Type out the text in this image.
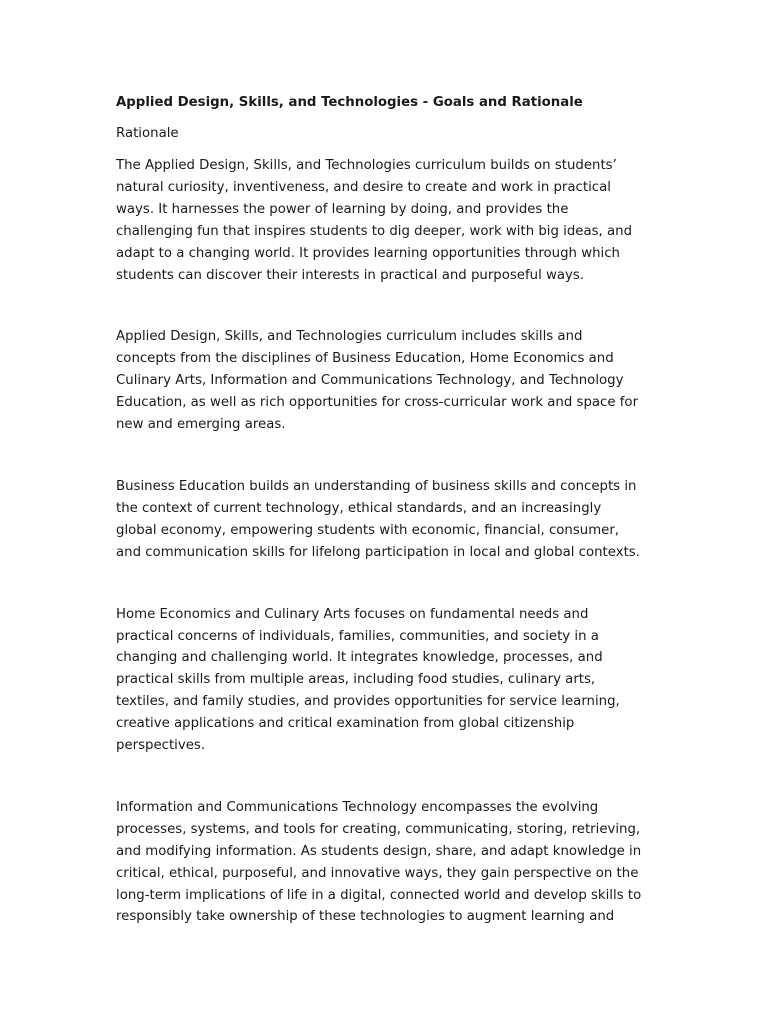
Applied Design, Skills, and Technologies - Goals and Rationale
Rationale

The Applied Design, Skills, and Technologies curriculum builds on students’
natural curiosity, inventiveness, and desire to create and work in practical
ways. It harnesses the power of learning by doing, and provides the
challenging fun that inspires students to dig deeper, work with big ideas, and
adapt to a changing world. It provides learning opportunities through which
students can discover their interests in practical and purposeful ways.

Applied Design, Skills, and Technologies curriculum includes skills and
concepts from the disciplines of Business Education, Home Economics and
Culinary Arts, Information and Communications Technology, and Technology
Education, as well as rich opportunities for cross-curricular work and space for
new and emerging areas.

Business Education builds an understanding of business skills and concepts in
the context of current technology, ethical standards, and an increasingly
global economy, empowering students with economic, financial, consumer,
and communication skills for lifelong participation in local and global contexts.

Home Economics and Culinary Arts focuses on fundamental needs and
practical concerns of individuals, families, communities, and society in a
changing and challenging world. It integrates knowledge, processes, and
practical skills from multiple areas, including food studies, culinary arts,
textiles, and family studies, and provides opportunities for service learning,
creative applications and critical examination from global citizenship
perspectives.

Information and Communications Technology encompasses the evolving
processes, systems, and tools for creating, communicating, storing, retrieving,
and modifying information. As students design, share, and adapt knowledge in
critical, ethical, purposeful, and innovative ways, they gain perspective on the
long-term implications of life in a digital, connected world and develop skills to
responsibly take ownership of these technologies to augment learning and
